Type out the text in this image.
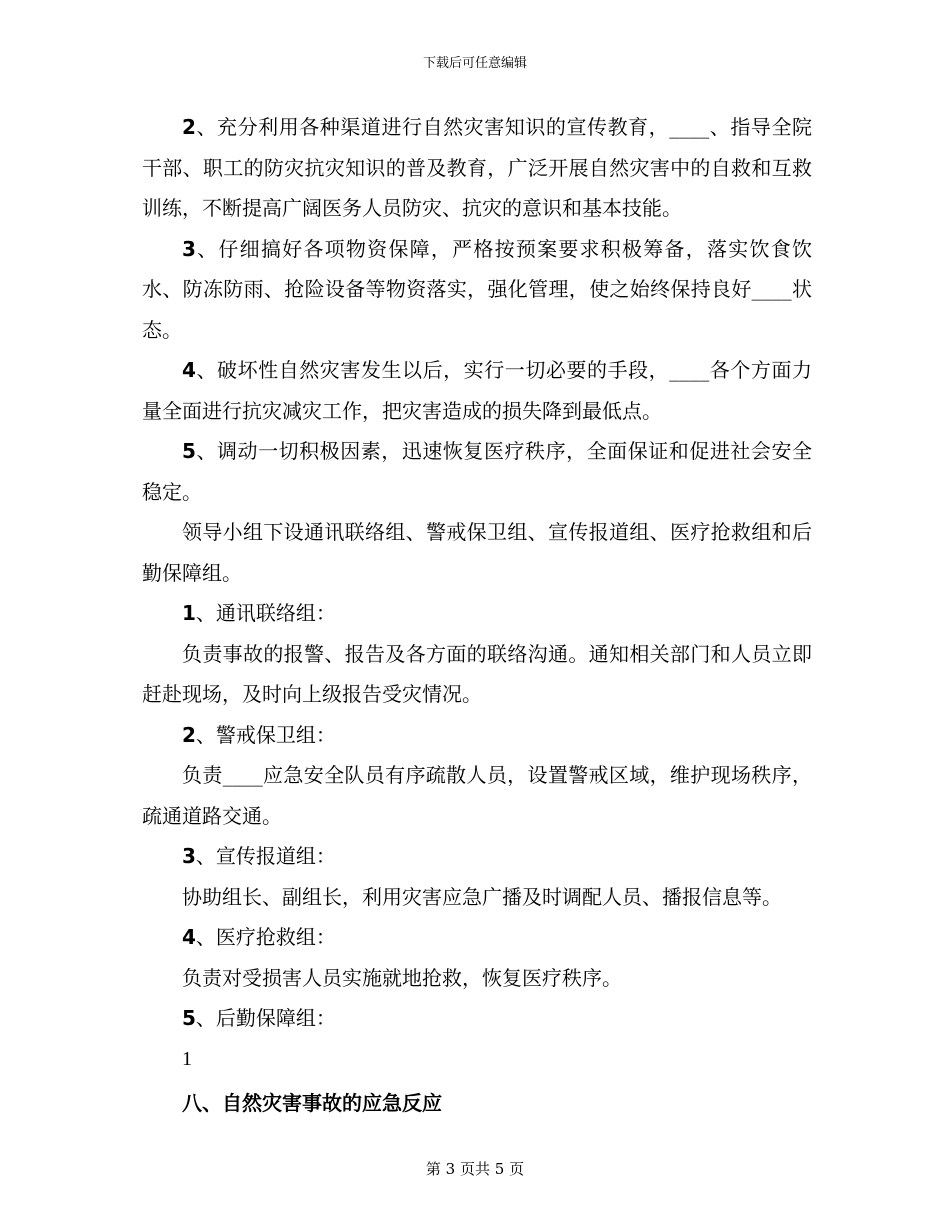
下载后可任意编辑

2、充分利用各种渠道进行自然灾害知识的宣传教育，____、指导全院干部、职工的防灾抗灾知识的普及教育，广泛开展自然灾害中的自救和互救训练，不断提高广阔医务人员防灾、抗灾的意识和基本技能。

3、仔细搞好各项物资保障，严格按预案要求积极筹备，落实饮食饮水、防冻防雨、抢险设备等物资落实，强化管理，使之始终保持良好____状态。

4、破坏性自然灾害发生以后，实行一切必要的手段，____各个方面力量全面进行抗灾减灾工作，把灾害造成的损失降到最低点。

5、调动一切积极因素，迅速恢复医疗秩序，全面保证和促进社会安全稳定。

领导小组下设通讯联络组、警戒保卫组、宣传报道组、医疗抢救组和后勤保障组。

1、通讯联络组：

负责事故的报警、报告及各方面的联络沟通。通知相关部门和人员立即赶赴现场，及时向上级报告受灾情况。

2、警戒保卫组：

负责____应急安全队员有序疏散人员，设置警戒区域，维护现场秩序，疏通道路交通。

3、宣传报道组：

协助组长、副组长，利用灾害应急广播及时调配人员、播报信息等。

4、医疗抢救组：

负责对受损害人员实施就地抢救，恢复医疗秩序。

5、后勤保障组：

1

八、自然灾害事故的应急反应

第 3 页共 5 页
